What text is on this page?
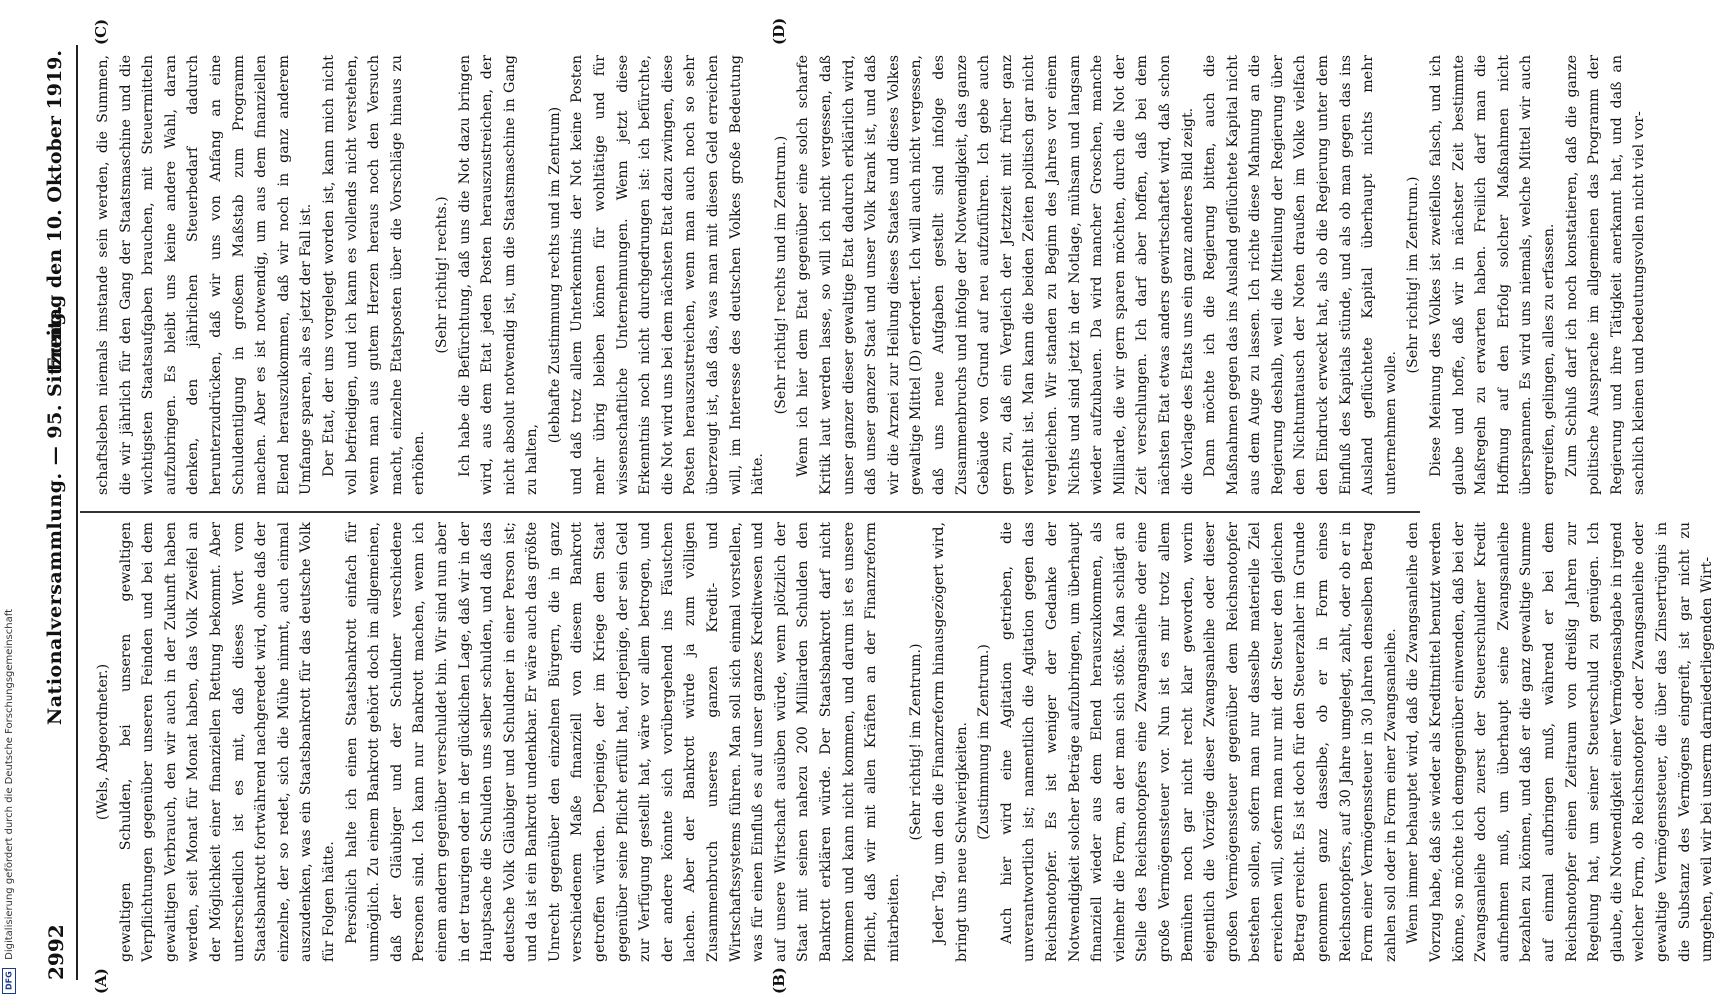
2992
Nationalversammlung. — 95. Sitzung.
Freitag den 10. Oktober 1919.
(A)	(B)
(C)	(D)

(Wels, Abgeordneter.) gewaltigen Schulden, bei unseren gewaltigen Verpflichtungen gegenüber unseren Feinden und bei dem gewaltigen Verbrauch, den wir auch in der Zukunft haben werden, seit Monat für Monat haben, das Volk Zweifel an der Möglichkeit einer finanziellen Rettung bekommt. Aber unterschiedlich ist es mit, daß dieses Wort vom Staatsbankrott fortwährend nachgeredet wird, ohne daß der einzelne, der so redet, sich die Mühe nimmt, auch einmal auszudenken, was ein Staatsbankrott für das deutsche Volk für Folgen hätte. Persönlich halte ich einen Staatsbankrott einfach für unmöglich. Zu einem Bankrott gehört doch im allgemeinen, daß der Gläubiger und der Schuldner verschiedene Personen sind. Ich kann nur Bankrott machen, wenn ich einem andern gegenüber verschuldet bin. Wir sind nun aber in der traurigen oder in der glücklichen Lage, daß wir in der Hauptsache die Schulden uns selber schulden, und daß das deutsche Volk Gläubiger und Schuldner in einer Person ist; und da ist ein Bankrott undenkbar. Er wäre auch das größte Unrecht gegenüber den einzelnen Bürgern, die in ganz verschiedenem Maße finanziell von diesem Bankrott getroffen würden. Derjenige, der im Kriege dem Staat gegenüber seine Pflicht erfüllt hat, derjenige, der sein Geld zur Verfügung gestellt hat, wäre vor allem betrogen, und der andere könnte sich vorübergehend ins Fäustchen lachen. Aber der Bankrott würde ja zum völligen Zusammenbruch unseres ganzen Kredit- und Wirtschaftssystems führen. Man soll sich einmal vorstellen, was für einen Einfluß es auf unser ganzes Kreditwesen und auf unsere Wirtschaft ausüben würde, wenn plötzlich der Staat mit seinen nahezu 200 Milliarden Schulden den Bankrott erklären würde. Der Staatsbankrott darf nicht kommen und kann nicht kommen, und darum ist es unsere Pflicht, daß wir mit allen Kräften an der Finanzreform mitarbeiten.

(Sehr richtig! im Zentrum.) Jeder Tag, um den die Finanzreform hinausgezögert wird, bringt uns neue Schwierigkeiten. (Zustimmung im Zentrum.) Auch hier wird eine Agitation getrieben, die unverantwortlich ist; namentlich die Agitation gegen das Reichsnotopfer. Es ist weniger der Gedanke der Notwendigkeit solcher Beträge aufzubringen, um überhaupt finanziell wieder aus dem Elend herauszukommen, als vielmehr die Form, an der man sich stößt. Man schlägt an Stelle des Reichsnotopfers eine Zwangsanleihe oder eine große Vermögenssteuer vor. Nun ist es mir trotz allem Bemühen noch gar nicht recht klar geworden, worin eigentlich die Vorzüge dieser Zwangsanleihe oder dieser großen Vermögenssteuer gegenüber dem Reichsnotopfer bestehen sollen, sofern man nur dasselbe materielle Ziel erreichen will, sofern man nur mit der Steuer den gleichen Betrag erreicht. Es ist doch für den Steuerzahler im Grunde genommen ganz dasselbe, ob er in Form eines Reichsnotopfers, auf 30 Jahre umgelegt, zahlt, oder ob er in Form einer Vermögenssteuer in 30 Jahren denselben Betrag zahlen soll oder in Form einer Zwangsanleihe. Wenn immer behauptet wird, daß die Zwangsanleihe den Vorzug habe, daß sie wieder als Kreditmittel benutzt werden könne, so möchte ich demgegenüber einwenden, daß bei der Zwangsanleihe doch zuerst der Steuerschuldner Kredit aufnehmen muß, um überhaupt seine Zwangsanleihe bezahlen zu können, und daß er die ganz gewaltige Summe auf einmal aufbringen muß, während er bei dem Reichsnotopfer einen Zeitraum von dreißig Jahren zur Regelung hat, um seiner Steuerschuld zu genügen. Ich glaube, die Notwendigkeit einer Vermögensabgabe in irgend welcher Form, ob Reichsnotopfer oder Zwangsanleihe oder gewaltige Vermögenssteuer, die über das Zinsertrügnis in die Substanz des Vermögens eingreift, ist gar nicht zu umgehen, weil wir bei unserm darniederliegenden Wirt-

schaftsleben niemals imstande sein werden, die Summen, die wir jährlich für den Gang der Staatsmaschine und die wichtigsten Staatsaufgaben brauchen, mit Steuermitteln aufzubringen. Es bleibt uns keine andere Wahl, daran denken, den jährlichen Steuerbedarf dadurch herunterzudrücken, daß wir uns von Anfang an eine Schuldentilgung in großem Maßstab zum Programm machen. Aber es ist notwendig, um aus dem finanziellen Elend herauszukommen, daß wir noch in ganz anderem Umfange sparen, als es jetzt der Fall ist. Der Etat, der uns vorgelegt worden ist, kann mich nicht voll befriedigen, und ich kann es vollends nicht verstehen, wenn man aus gutem Herzen heraus noch den Versuch macht, einzelne Etatsposten über die Vorschläge hinaus zu erhöhen.

(Sehr richtig! rechts.) Ich habe die Befürchtung, daß uns die Not dazu bringen wird, aus dem Etat jeden Posten herauszustreichen, der nicht absolut notwendig ist, um die Staatsmaschine in Gang zu halten,

(lebhafte Zustimmung rechts und im Zentrum) und daß trotz allem Unterkenntnis der Not keine Posten mehr übrig bleiben können für wohltätige und für wissenschaftliche Unternehmungen. Wenn jetzt diese Erkenntnis noch nicht durchgedrungen ist: ich befürchte, die Not wird uns bei dem nächsten Etat dazu zwingen, diese Posten herauszustreichen, wenn man auch noch so sehr überzeugt ist, daß das, was man mit diesen Geld erreichen will, im Interesse des deutschen Volkes große Bedeutung hätte.

(Sehr richtig! rechts und im Zentrum.) Wenn ich hier dem Etat gegenüber eine solch scharfe Kritik laut werden lasse, so will ich nicht vergessen, daß unser ganzer dieser gewaltige Etat dadurch erklärlich wird, daß unser ganzer Staat und unser Volk krank ist, und daß wir die Arznei zur Heilung dieses Staates und dieses Volkes gewaltige Mittel (D) erfordert. Ich will auch nicht vergessen, daß uns neue Aufgaben gestellt sind infolge des Zusammenbruchs und infolge der Notwendigkeit, das ganze Gebäude von Grund auf neu aufzuführen. Ich gebe auch gern zu, daß ein Vergleich der Jetztzeit mit früher ganz verfehlt ist. Man kann die beiden Zeiten politisch gar nicht vergleichen. Wir standen zu Beginn des Jahres vor einem Nichts und sind jetzt in der Notlage, mühsam und langsam wieder aufzubauen. Da wird mancher Groschen, manche Milliarde, die wir gern sparen möchten, durch die Not der Zeit verschlungen. Ich darf aber hoffen, daß bei dem nächsten Etat etwas anders gewirtschaftet wird, daß schon die Vorlage des Etats uns ein ganz anderes Bild zeigt. Dann möchte ich die Regierung bitten, auch die Maßnahmen gegen das ins Ausland geflüchtete Kapital nicht aus dem Auge zu lassen. Ich richte diese Mahnung an die Regierung deshalb, weil die Mitteilung der Regierung über den Nichtumtausch der Noten draußen im Volke vielfach den Eindruck erweckt hat, als ob die Regierung unter dem Einfluß des Kapitals stünde, und als ob man gegen das ins Ausland geflüchtete Kapital überhaupt nichts mehr unternehmen wolle.

(Sehr richtig! im Zentrum.) Diese Meinung des Volkes ist zweifellos falsch, und ich glaube und hoffe, daß wir in nächster Zeit bestimmte Maßregeln zu erwarten haben. Freilich darf man die Hoffnung auf den Erfolg solcher Maßnahmen nicht überspannen. Es wird uns niemals, welche Mittel wir auch ergreifen, gelingen, alles zu erfassen. Zum Schluß darf ich noch konstatieren, daß die ganze politische Aussprache im allgemeinen das Programm der Regierung und ihre Tätigkeit anerkannt hat, und daß an sachlich kleinen und bedeutungsvollen nicht viel vor-

DFG
Digitalisierung gefördert durch die Deutsche Forschungsgemeinschaft
